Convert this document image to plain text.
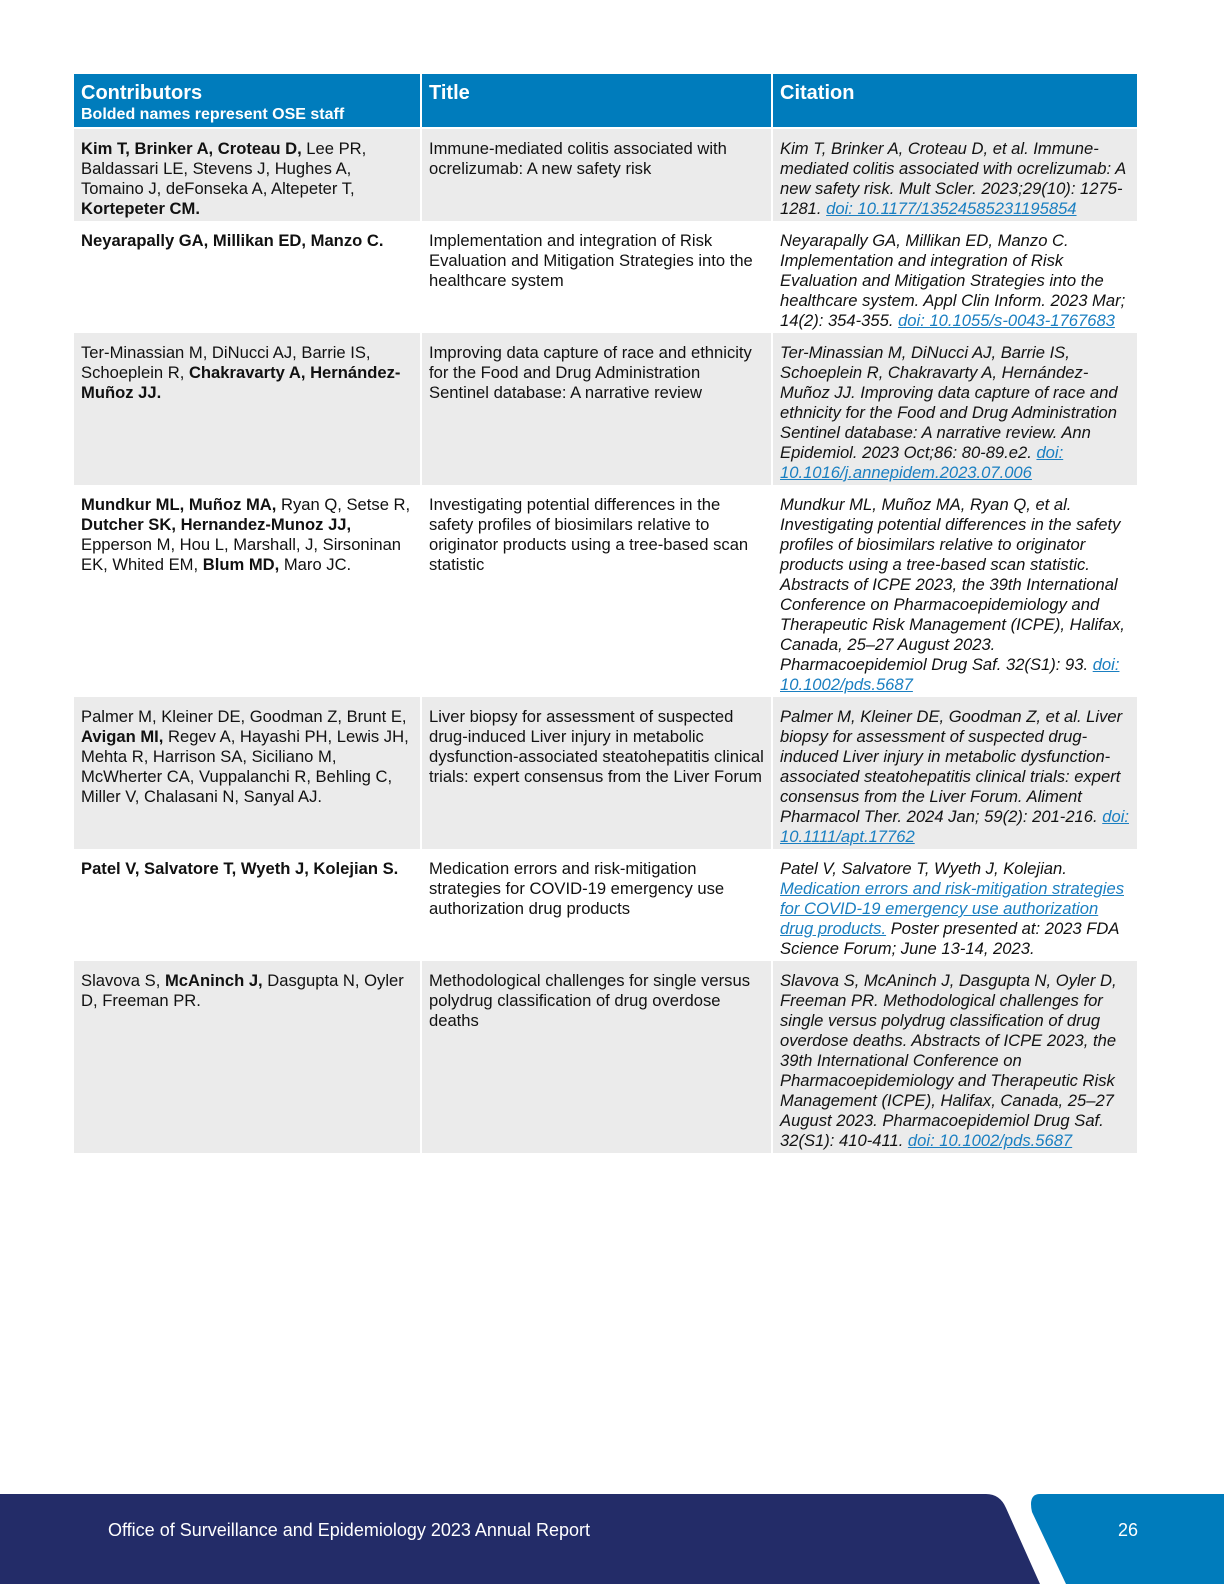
Contributors
Bolded names represent OSE staff	Title	Citation

Kim T, Brinker A, Croteau D, Lee PR, Baldassari LE, Stevens J, Hughes A, Tomaino J, deFonseka A, Altepeter T, Kortepeter CM.	Immune-mediated colitis associated with ocrelizumab: A new safety risk	Kim T, Brinker A, Croteau D, et al. Immune-mediated colitis associated with ocrelizumab: A new safety risk. Mult Scler. 2023;29(10): 1275-1281. doi: 10.1177/13524585231195854
Neyarapally GA, Millikan ED, Manzo C.	Implementation and integration of Risk Evaluation and Mitigation Strategies into the healthcare system	Neyarapally GA, Millikan ED, Manzo C. Implementation and integration of Risk Evaluation and Mitigation Strategies into the healthcare system. Appl Clin Inform. 2023 Mar; 14(2): 354-355. doi: 10.1055/s-0043-1767683
Ter-Minassian M, DiNucci AJ, Barrie IS, Schoeplein R, Chakravarty A, Hernández-Muñoz JJ.	Improving data capture of race and ethnicity for the Food and Drug Administration Sentinel database: A narrative review	Ter-Minassian M, DiNucci AJ, Barrie IS, Schoeplein R, Chakravarty A, Hernández-Muñoz JJ. Improving data capture of race and ethnicity for the Food and Drug Administration Sentinel database: A narrative review. Ann Epidemiol. 2023 Oct;86: 80-89.e2. doi: 10.1016/j.annepidem.2023.07.006
Mundkur ML, Muñoz MA, Ryan Q, Setse R, Dutcher SK, Hernandez-Munoz JJ, Epperson M, Hou L, Marshall, J, Sirsoninan EK, Whited EM, Blum MD, Maro JC.	Investigating potential differences in the safety profiles of biosimilars relative to originator products using a tree-based scan statistic	Mundkur ML, Muñoz MA, Ryan Q, et al. Investigating potential differences in the safety profiles of biosimilars relative to originator products using a tree-based scan statistic. Abstracts of ICPE 2023, the 39th International Conference on Pharmacoepidemiology and Therapeutic Risk Management (ICPE), Halifax, Canada, 25–27 August 2023. Pharmacoepidemiol Drug Saf. 32(S1): 93. doi: 10.1002/pds.5687
Palmer M, Kleiner DE, Goodman Z, Brunt E, Avigan MI, Regev A, Hayashi PH, Lewis JH, Mehta R, Harrison SA, Siciliano M, McWherter CA, Vuppalanchi R, Behling C, Miller V, Chalasani N, Sanyal AJ.	Liver biopsy for assessment of suspected drug-induced Liver injury in metabolic dysfunction-associated steatohepatitis clinical trials: expert consensus from the Liver Forum	Palmer M, Kleiner DE, Goodman Z, et al. Liver biopsy for assessment of suspected drug-induced Liver injury in metabolic dysfunction-associated steatohepatitis clinical trials: expert consensus from the Liver Forum. Aliment Pharmacol Ther. 2024 Jan; 59(2): 201-216. doi: 10.1111/apt.17762
Patel V, Salvatore T, Wyeth J, Kolejian S.	Medication errors and risk-mitigation strategies for COVID-19 emergency use authorization drug products	Patel V, Salvatore T, Wyeth J, Kolejian. Medication errors and risk-mitigation strategies for COVID-19 emergency use authorization drug products. Poster presented at: 2023 FDA Science Forum; June 13-14, 2023.
Slavova S, McAninch J, Dasgupta N, Oyler D, Freeman PR.	Methodological challenges for single versus polydrug classification of drug overdose deaths	Slavova S, McAninch J, Dasgupta N, Oyler D, Freeman PR. Methodological challenges for single versus polydrug classification of drug overdose deaths. Abstracts of ICPE 2023, the 39th International Conference on Pharmacoepidemiology and Therapeutic Risk Management (ICPE), Halifax, Canada, 25–27 August 2023. Pharmacoepidemiol Drug Saf. 32(S1): 410-411. doi: 10.1002/pds.5687
Office of Surveillance and Epidemiology 2023 Annual Report	26
